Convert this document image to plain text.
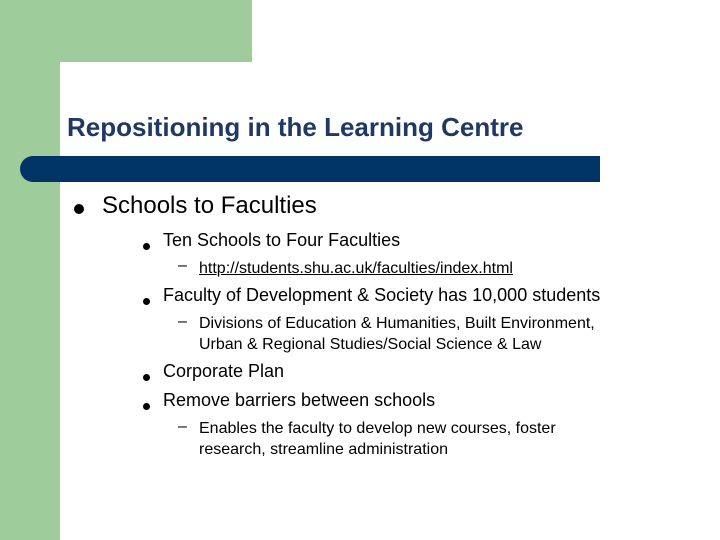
Repositioning in the Learning Centre
Schools to Faculties
Ten Schools to Four Faculties
– http://students.shu.ac.uk/faculties/index.html
Faculty of Development & Society has 10,000 students
– Divisions of Education & Humanities, Built Environment,
Urban & Regional Studies/Social Science & Law
Corporate Plan
Remove barriers between schools
– Enables the faculty to develop new courses, foster
research, streamline administration
